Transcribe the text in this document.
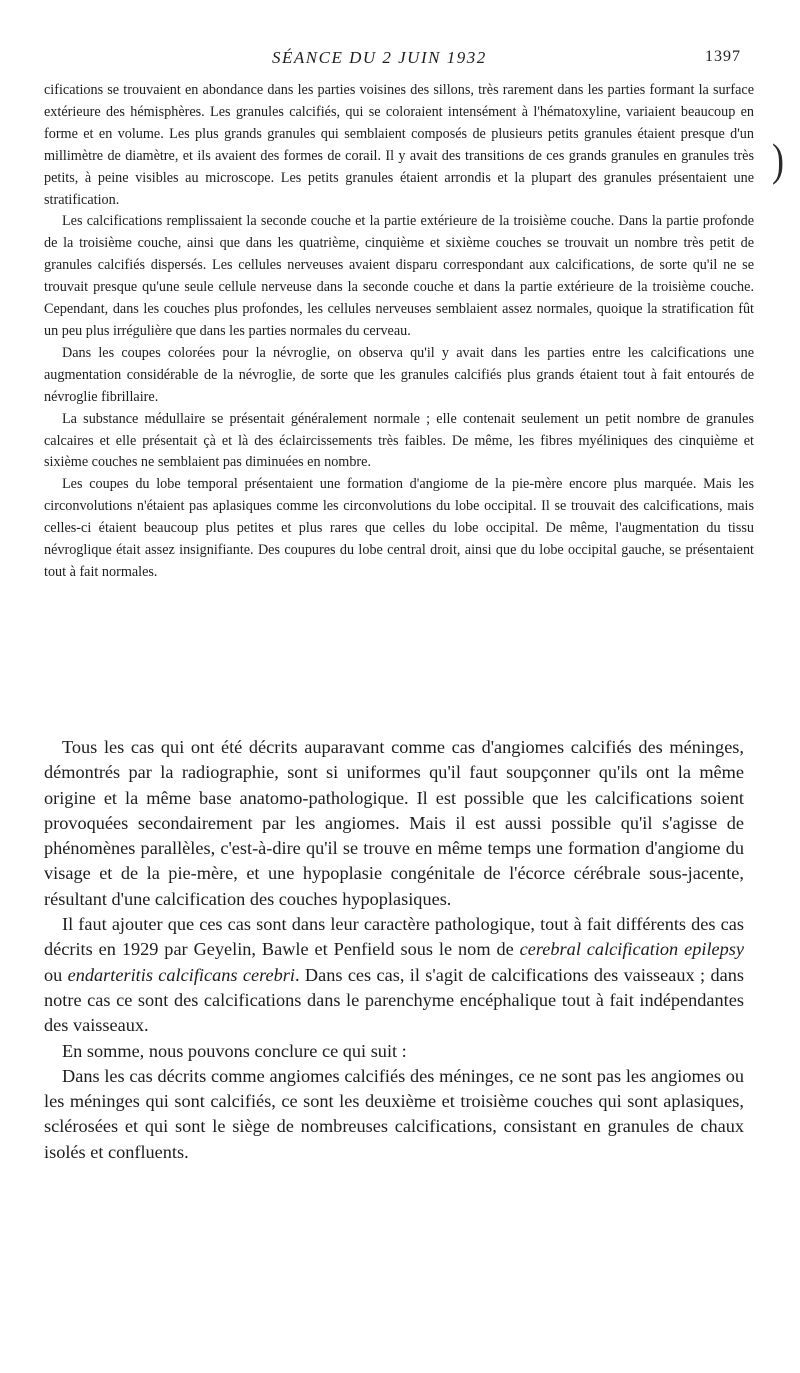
SÉANCE DU 2 JUIN 1932	1397

cifications se trouvaient en abondance dans les parties voisines des sillons, très rarement dans les parties formant la surface extérieure des hémisphères. Les granules calcifiés, qui se coloraient intensément à l'hématoxyline, variaient beaucoup en forme et en volume. Les plus grands granules qui semblaient composés de plusieurs petits granules étaient presque d'un millimètre de diamètre, et ils avaient des formes de corail. Il y avait des transitions de ces grands granules en granules très petits, à peine visibles au microscope. Les petits granules étaient arrondis et la plupart des granules présentaient une stratification.

Les calcifications remplissaient la seconde couche et la partie extérieure de la troisième couche. Dans la partie profonde de la troisième couche, ainsi que dans les quatrième, cinquième et sixième couches se trouvait un nombre très petit de granules calcifiés dispersés. Les cellules nerveuses avaient disparu correspondant aux calcifications, de sorte qu'il ne se trouvait presque qu'une seule cellule nerveuse dans la seconde couche et dans la partie extérieure de la troisième couche. Cependant, dans les couches plus profondes, les cellules nerveuses semblaient assez normales, quoique la stratification fût un peu plus irrégulière que dans les parties normales du cerveau.

Dans les coupes colorées pour la névroglie, on observa qu'il y avait dans les parties entre les calcifications une augmentation considérable de la névroglie, de sorte que les granules calcifiés plus grands étaient tout à fait entourés de névroglie fibrillaire.

La substance médullaire se présentait généralement normale ; elle contenait seulement un petit nombre de granules calcaires et elle présentait çà et là des éclaircissements très faibles. De même, les fibres myéliniques des cinquième et sixième couches ne semblaient pas diminuées en nombre.

Les coupes du lobe temporal présentaient une formation d'angiome de la pie-mère encore plus marquée. Mais les circonvolutions n'étaient pas aplasiques comme les circonvolutions du lobe occipital. Il se trouvait des calcifications, mais celles-ci étaient beaucoup plus petites et plus rares que celles du lobe occipital. De même, l'augmentation du tissu névroglique était assez insignifiante. Des coupures du lobe central droit, ainsi que du lobe occipital gauche, se présentaient tout à fait normales.

)

Tous les cas qui ont été décrits auparavant comme cas d'angiomes calcifiés des méninges, démontrés par la radiographie, sont si uniformes qu'il faut soupçonner qu'ils ont la même origine et la même base anatomo-pathologique. Il est possible que les calcifications soient provoquées secondairement par les angiomes. Mais il est aussi possible qu'il s'agisse de phénomènes parallèles, c'est-à-dire qu'il se trouve en même temps une formation d'angiome du visage et de la pie-mère, et une hypoplasie congénitale de l'écorce cérébrale sous-jacente, résultant d'une calcification des couches hypoplasiques.

Il faut ajouter que ces cas sont dans leur caractère pathologique, tout à fait différents des cas décrits en 1929 par Geyelin, Bawle et Penfield sous le nom de cerebral calcification epilepsy ou endarteritis calcificans cerebri. Dans ces cas, il s'agit de calcifications des vaisseaux ; dans notre cas ce sont des calcifications dans le parenchyme encéphalique tout à fait indépendantes des vaisseaux.

En somme, nous pouvons conclure ce qui suit :

Dans les cas décrits comme angiomes calcifiés des méninges, ce ne sont pas les angiomes ou les méninges qui sont calcifiés, ce sont les deuxième et troisième couches qui sont aplasiques, sclérosées et qui sont le siège de nombreuses calcifications, consistant en granules de chaux isolés et confluents.
